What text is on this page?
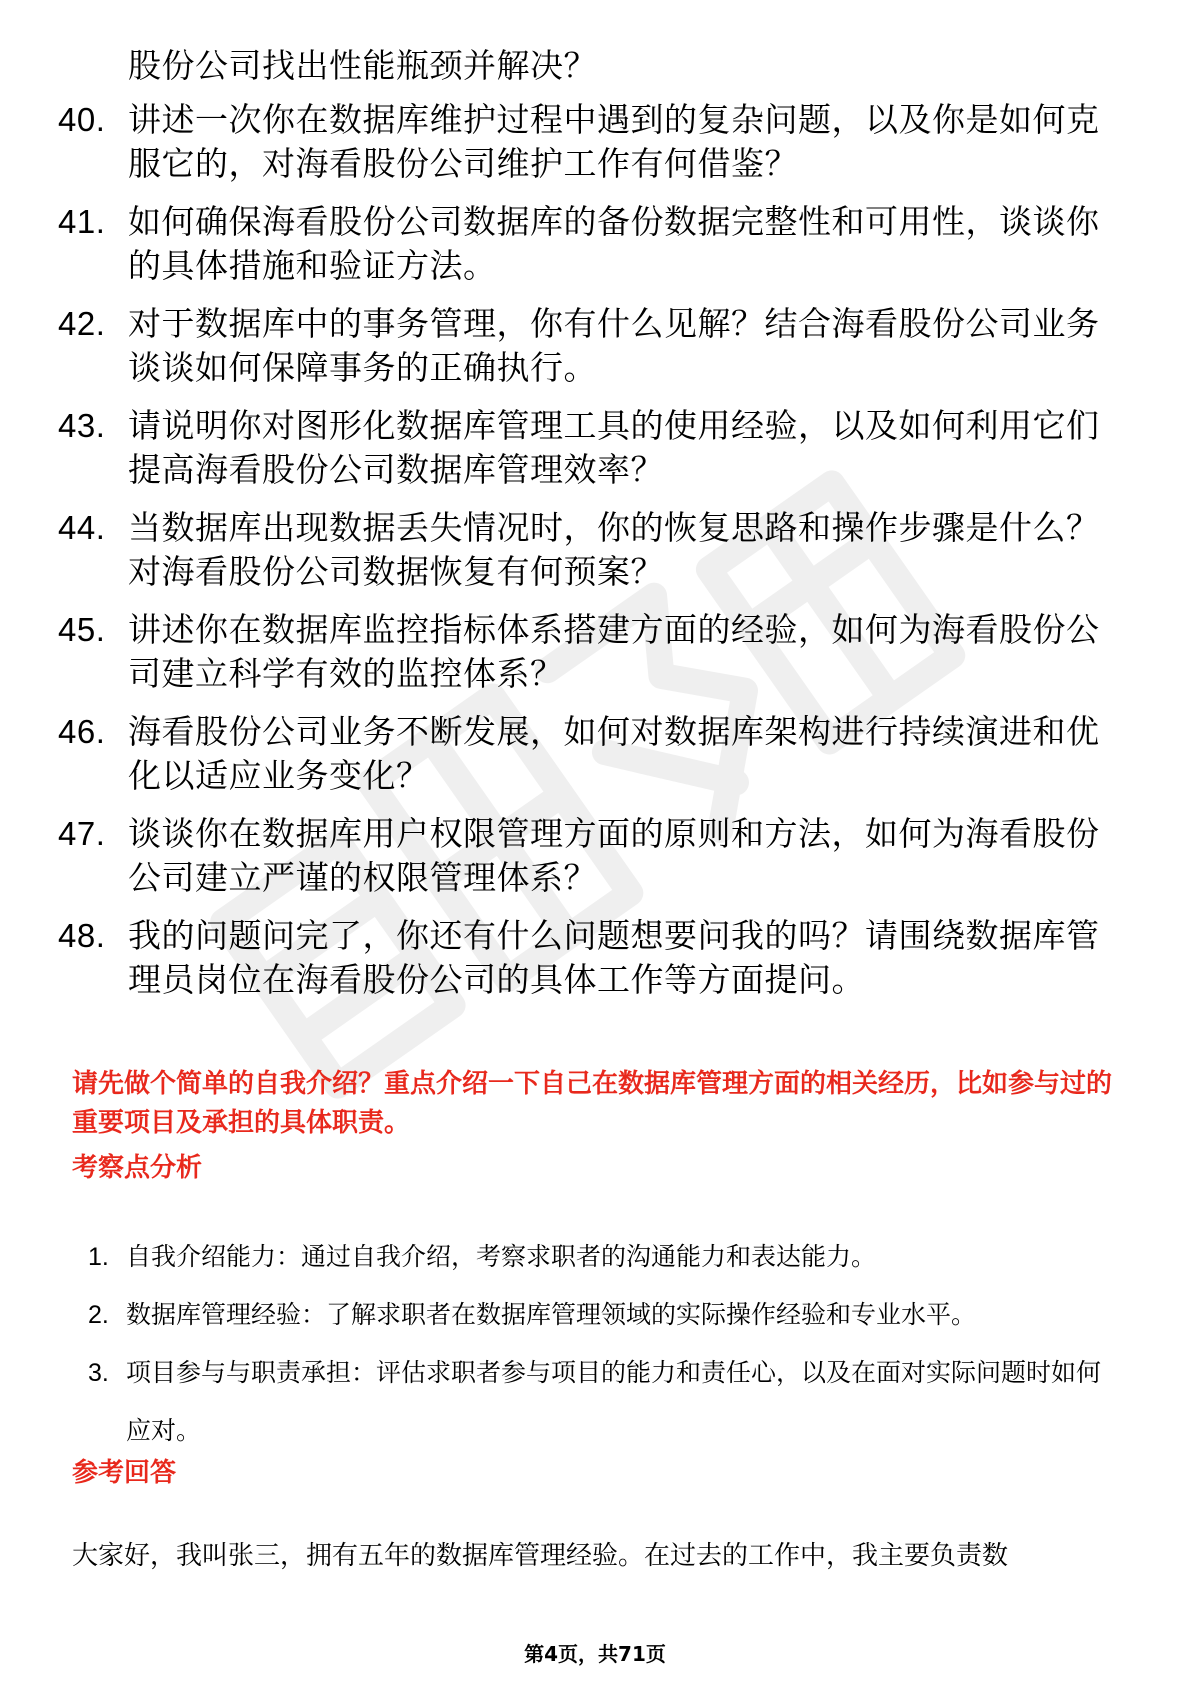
股份公司找出性能瓶颈并解决？
40. 讲述一次你在数据库维护过程中遇到的复杂问题，以及你是如何克服它的，对海看股份公司维护工作有何借鉴？
41. 如何确保海看股份公司数据库的备份数据完整性和可用性，谈谈你的具体措施和验证方法。
42. 对于数据库中的事务管理，你有什么见解？结合海看股份公司业务谈谈如何保障事务的正确执行。
43. 请说明你对图形化数据库管理工具的使用经验，以及如何利用它们提高海看股份公司数据库管理效率？
44. 当数据库出现数据丢失情况时，你的恢复思路和操作步骤是什么？对海看股份公司数据恢复有何预案？
45. 讲述你在数据库监控指标体系搭建方面的经验，如何为海看股份公司建立科学有效的监控体系？
46. 海看股份公司业务不断发展，如何对数据库架构进行持续演进和优化以适应业务变化？
47. 谈谈你在数据库用户权限管理方面的原则和方法，如何为海看股份公司建立严谨的权限管理体系？
48. 我的问题问完了，你还有什么问题想要问我的吗？请围绕数据库管理员岗位在海看股份公司的具体工作等方面提问。
请先做个简单的自我介绍？重点介绍一下自己在数据库管理方面的相关经历，比如参与过的重要项目及承担的具体职责。
考察点分析
1. 自我介绍能力：通过自我介绍，考察求职者的沟通能力和表达能力。
2. 数据库管理经验：了解求职者在数据库管理领域的实际操作经验和专业水平。
3. 项目参与与职责承担：评估求职者参与项目的能力和责任心，以及在面对实际问题时如何应对。
参考回答
大家好，我叫张三，拥有五年的数据库管理经验。在过去的工作中，我主要负责数
第4页，共71页
